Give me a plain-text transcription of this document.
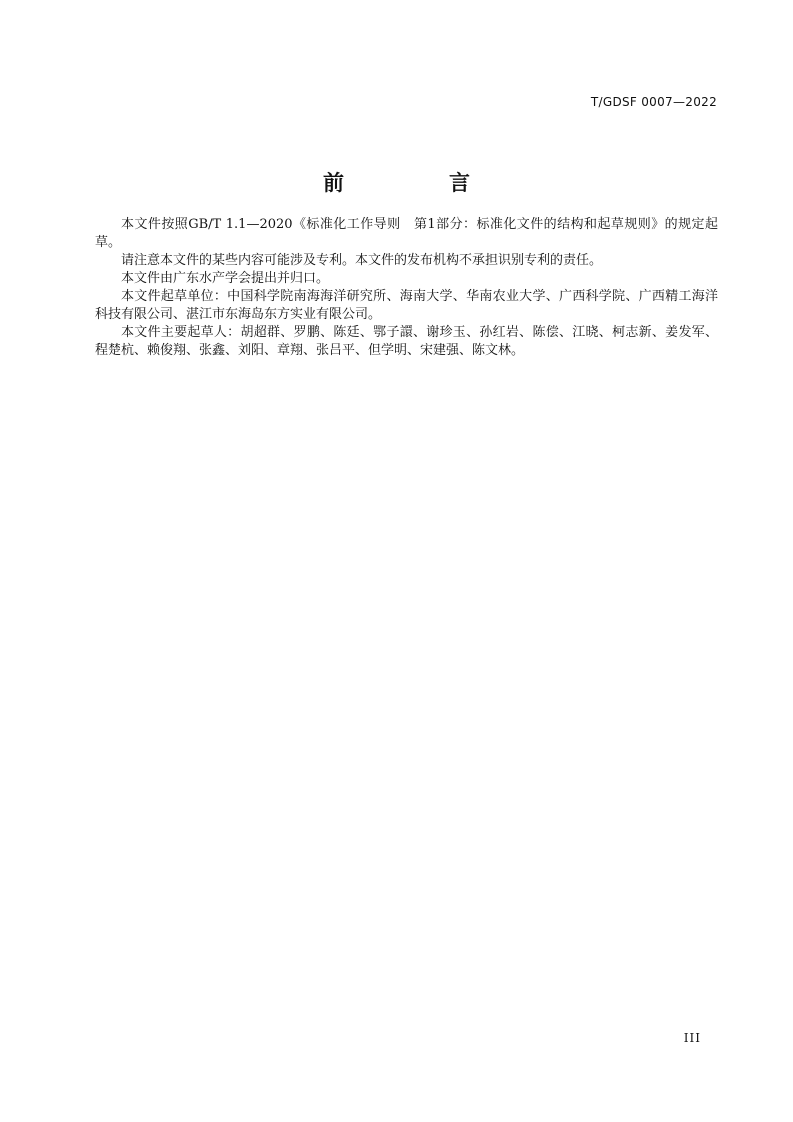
T/GDSF 0007—2022
前　言

本文件按照GB/T 1.1—2020《标准化工作导则　第1部分：标准化文件的结构和起草规则》的规定起草。

请注意本文件的某些内容可能涉及专利。本文件的发布机构不承担识别专利的责任。

本文件由广东水产学会提出并归口。

本文件起草单位：中国科学院南海海洋研究所、海南大学、华南农业大学、广西科学院、广西精工海洋科技有限公司、湛江市东海岛东方实业有限公司。

本文件主要起草人：胡超群、罗鹏、陈廷、鄂子譞、谢珍玉、孙红岩、陈偿、江晓、柯志新、姜发军、程楚杭、赖俊翔、张鑫、刘阳、章翔、张吕平、但学明、宋建强、陈文林。

III
